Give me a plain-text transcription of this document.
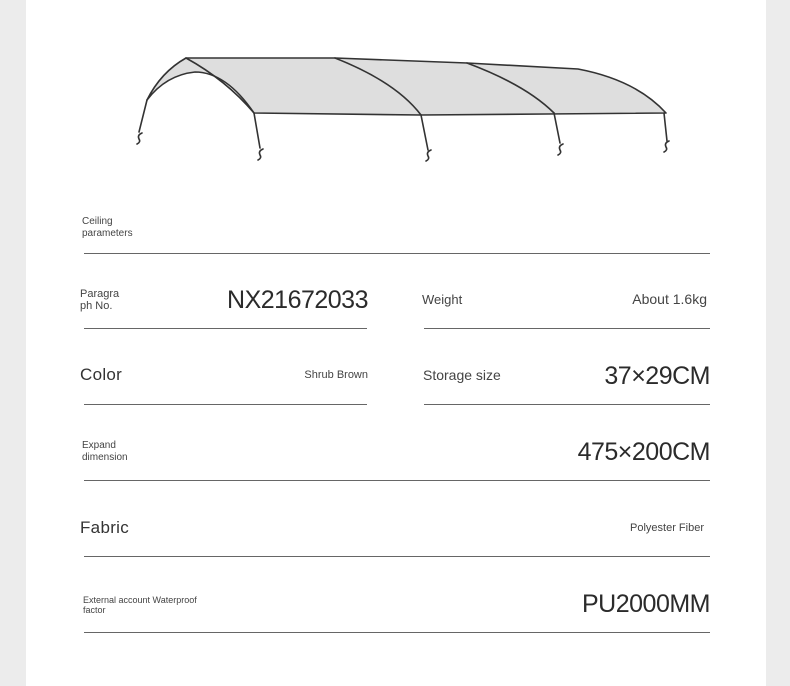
Ceiling parameters
Paragra ph No.	NX21672033	Weight	About 1.6kg
Color	Shrub Brown	Storage size	37×29CM
Expand dimension	475×200CM
Fabric	Polyester Fiber
External account Waterproof factor	PU2000MM
